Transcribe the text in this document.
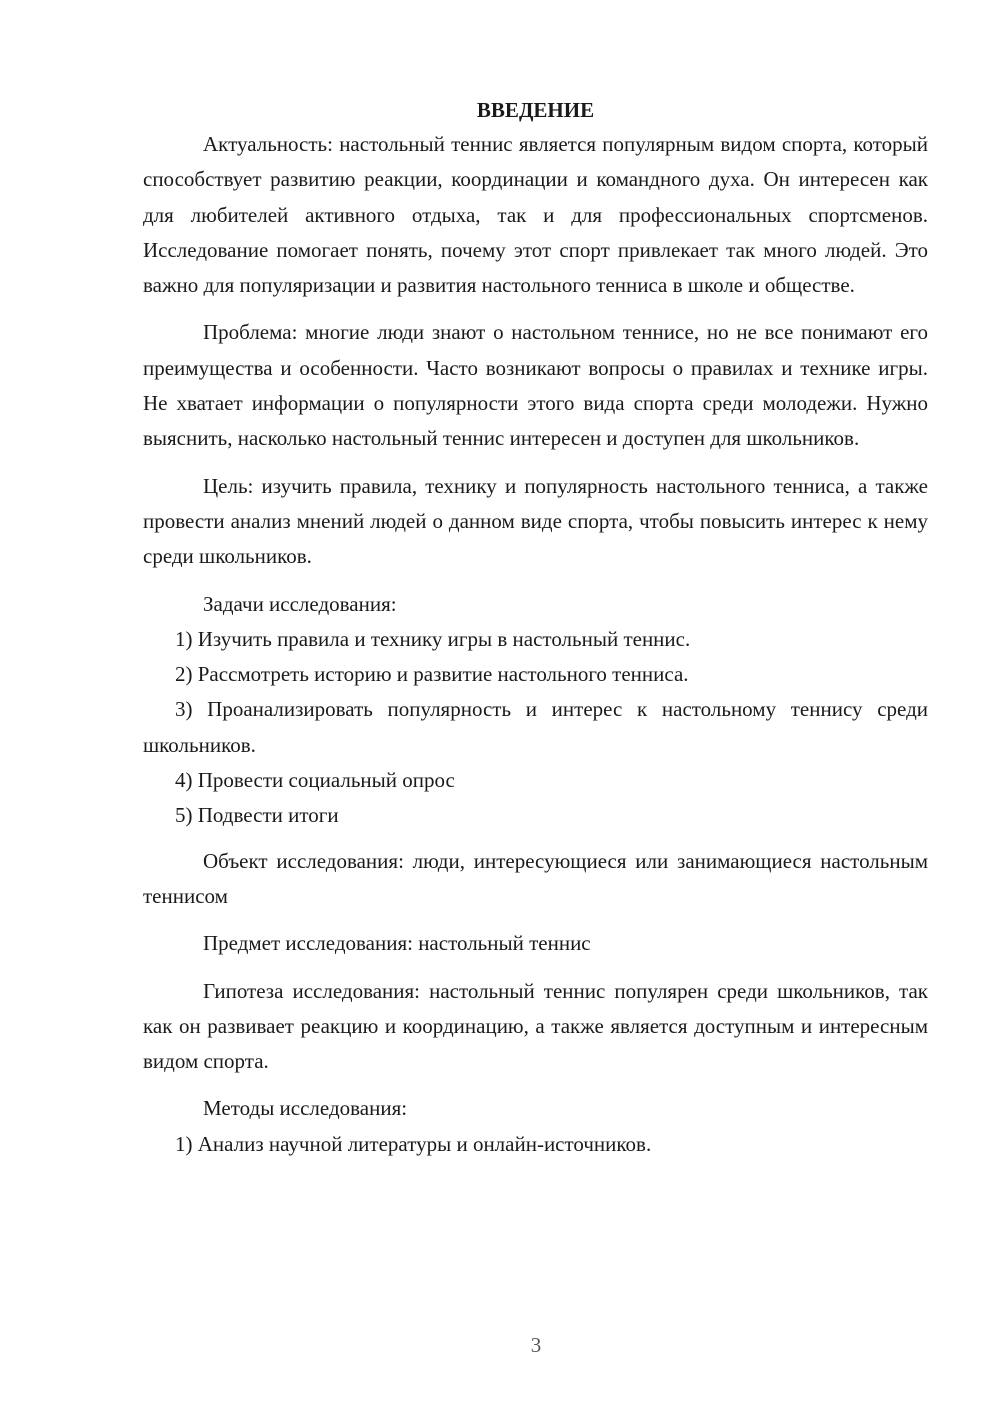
ВВЕДЕНИЕ

Актуальность: настольный теннис является популярным видом спорта, который способствует развитию реакции, координации и командного духа. Он интересен как для любителей активного отдыха, так и для профессиональных спортсменов. Исследование помогает понять, почему этот спорт привлекает так много людей. Это важно для популяризации и развития настольного тенниса в школе и обществе.

Проблема: многие люди знают о настольном теннисе, но не все понимают его преимущества и особенности. Часто возникают вопросы о правилах и технике игры. Не хватает информации о популярности этого вида спорта среди молодежи. Нужно выяснить, насколько настольный теннис интересен и доступен для школьников.

Цель: изучить правила, технику и популярность настольного тенниса, а также провести анализ мнений людей о данном виде спорта, чтобы повысить интерес к нему среди школьников.

Задачи исследования:

1) Изучить правила и технику игры в настольный теннис.

2) Рассмотреть историю и развитие настольного тенниса.

3) Проанализировать популярность и интерес к настольному теннису среди школьников.

4) Провести социальный опрос

5) Подвести итоги

Объект исследования: люди, интересующиеся или занимающиеся настольным теннисом

Предмет исследования: настольный теннис

Гипотеза исследования: настольный теннис популярен среди школьников, так как он развивает реакцию и координацию, а также является доступным и интересным видом спорта.

Методы исследования:

1) Анализ научной литературы и онлайн-источников.

3
